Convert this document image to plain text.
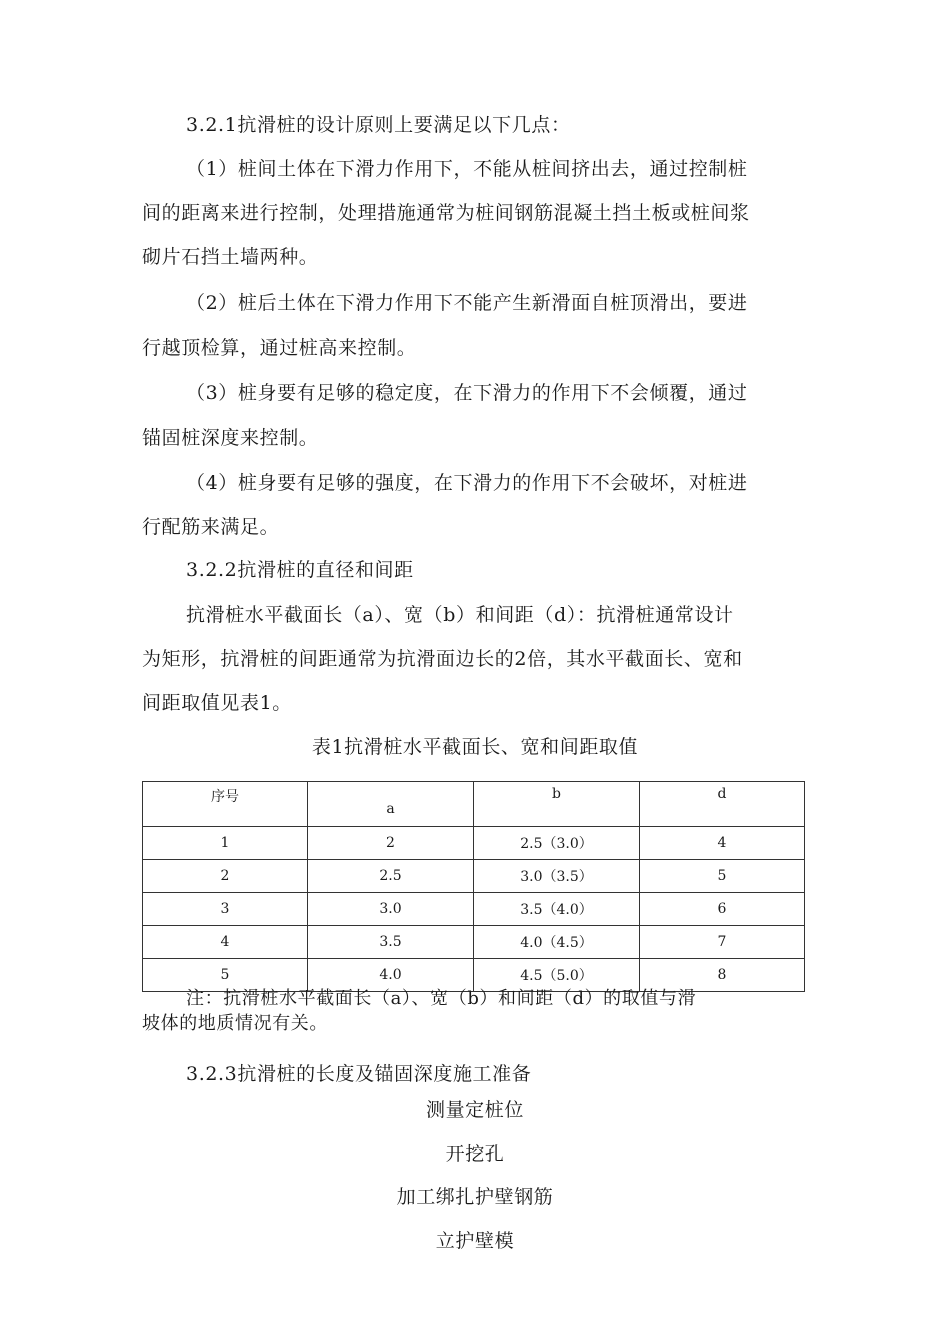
3.2.1抗滑桩的设计原则上要满足以下几点：
（1）桩间土体在下滑力作用下，不能从桩间挤出去，通过控制桩
间的距离来进行控制，处理措施通常为桩间钢筋混凝土挡土板或桩间浆
砌片石挡土墙两种。
（2）桩后土体在下滑力作用下不能产生新滑面自桩顶滑出，要进
行越顶检算，通过桩高来控制。
（3）桩身要有足够的稳定度，在下滑力的作用下不会倾覆，通过
锚固桩深度来控制。
（4）桩身要有足够的强度，在下滑力的作用下不会破坏，对桩进
行配筋来满足。
3.2.2抗滑桩的直径和间距
抗滑桩水平截面长（a）、宽（b）和间距（d）：抗滑桩通常设计
为矩形，抗滑桩的间距通常为抗滑面边长的2倍，其水平截面长、宽和
间距取值见表1。
表1抗滑桩水平截面长、宽和间距取值
序号	a	b	d
1	2	2.5（3.0）	4
2	2.5	3.0（3.5）	5
3	3.0	3.5（4.0）	6
4	3.5	4.0（4.5）	7
5	4.0	4.5（5.0）	8
注：抗滑桩水平截面长（a）、宽（b）和间距（d）的取值与滑
坡体的地质情况有关。
3.2.3抗滑桩的长度及锚固深度施工准备
测量定桩位
开挖孔
加工绑扎护壁钢筋
立护壁模
